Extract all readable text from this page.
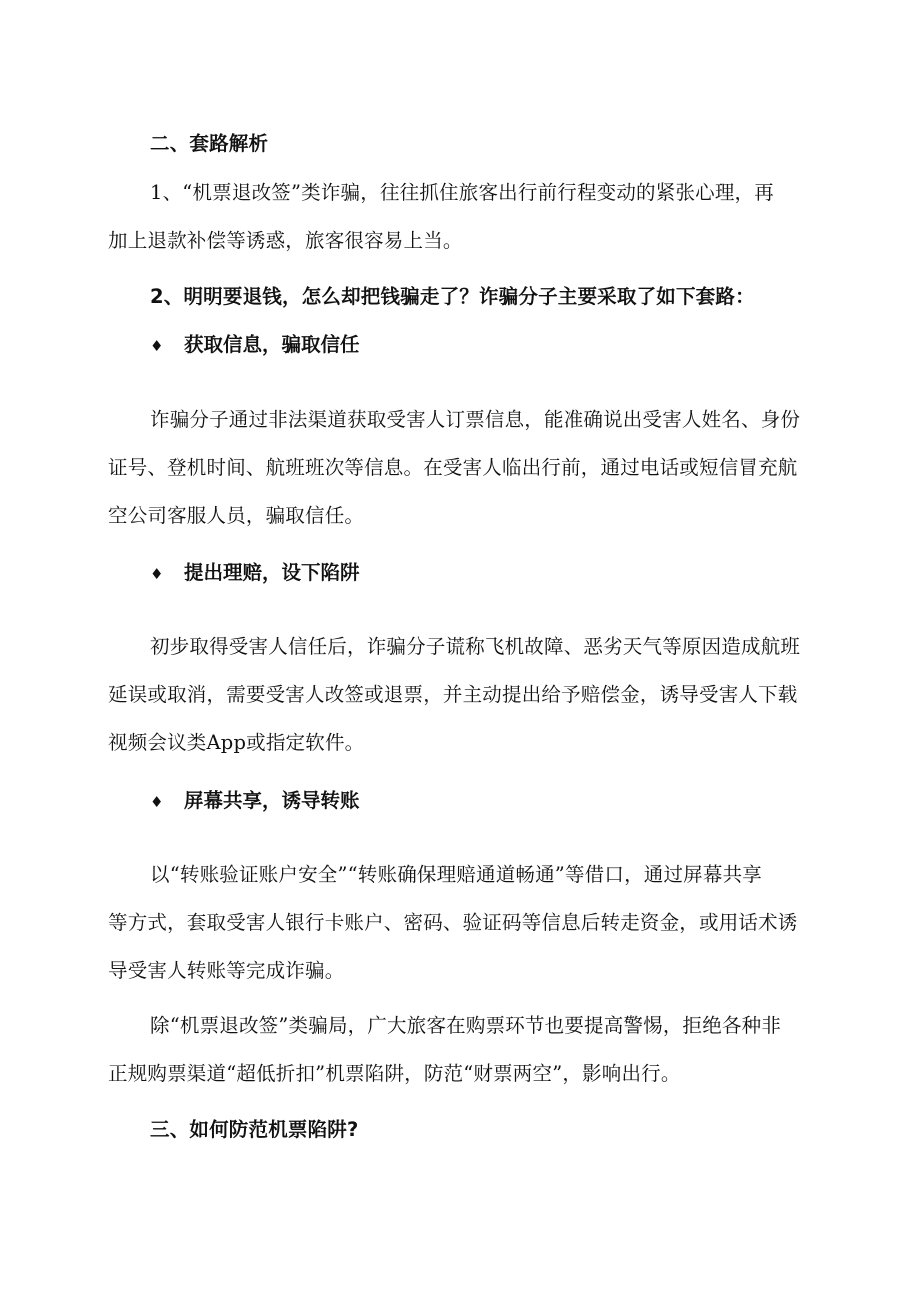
二、套路解析
1、“机票退改签”类诈骗，往往抓住旅客出行前行程变动的紧张心理，再
加上退款补偿等诱惑，旅客很容易上当。
2、明明要退钱，怎么却把钱骗走了？诈骗分子主要采取了如下套路：
♦ 获取信息，骗取信任
诈骗分子通过非法渠道获取受害人订票信息，能准确说出受害人姓名、身份
证号、登机时间、航班班次等信息。在受害人临出行前，通过电话或短信冒充航
空公司客服人员，骗取信任。
♦ 提出理赔，设下陷阱
初步取得受害人信任后，诈骗分子谎称飞机故障、恶劣天气等原因造成航班
延误或取消，需要受害人改签或退票，并主动提出给予赔偿金，诱导受害人下载
视频会议类App或指定软件。
♦ 屏幕共享，诱导转账
以“转账验证账户安全”“转账确保理赔通道畅通”等借口，通过屏幕共享
等方式，套取受害人银行卡账户、密码、验证码等信息后转走资金，或用话术诱
导受害人转账等完成诈骗。
除“机票退改签”类骗局，广大旅客在购票环节也要提高警惕，拒绝各种非
正规购票渠道“超低折扣”机票陷阱，防范“财票两空”，影响出行。
三、如何防范机票陷阱?
